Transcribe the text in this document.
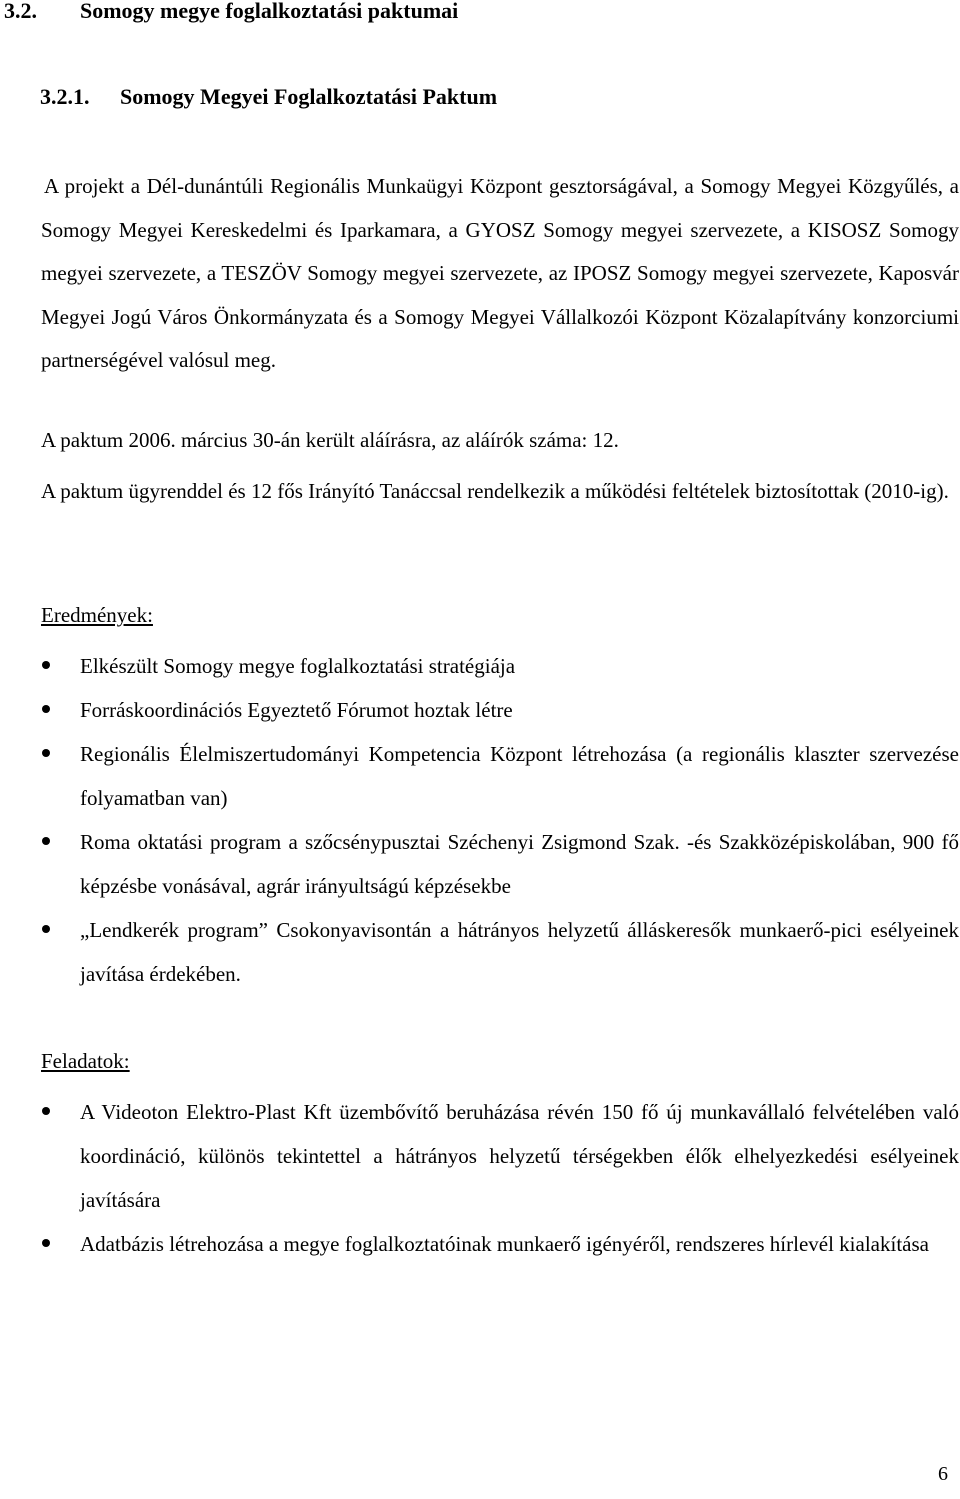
3.2. Somogy megye foglalkoztatási paktumai
3.2.1. Somogy Megyei Foglalkoztatási Paktum
A projekt a Dél-dunántúli Regionális Munkaügyi Központ gesztorságával, a Somogy Megyei Közgyűlés, a Somogy Megyei Kereskedelmi és Iparkamara, a GYOSZ Somogy megyei szervezete, a KISOSZ Somogy megyei szervezete, a TESZÖV Somogy megyei szervezete, az IPOSZ Somogy megyei szervezete, Kaposvár Megyei Jogú Város Önkormányzata és a Somogy Megyei Vállalkozói Központ Közalapítvány konzorciumi partnerségével valósul meg.
A paktum 2006. március 30-án került aláírásra, az aláírók száma: 12.
A paktum ügyrenddel és 12 fős Irányító Tanáccsal rendelkezik a működési feltételek biztosítottak (2010-ig).
Eredmények:
Elkészült Somogy megye foglalkoztatási stratégiája
Forráskoordinációs Egyeztető Fórumot hoztak létre
Regionális Élelmiszertudományi Kompetencia Központ létrehozása (a regionális klaszter szervezése folyamatban van)
Roma oktatási program a szőcsénypusztai Széchenyi Zsigmond Szak. -és Szakközépiskolában, 900 fő képzésbe vonásával, agrár irányultságú képzésekbe
„Lendkerék program” Csokonyavisontán a hátrányos helyzetű álláskeresők munkaerő-pici esélyeinek javítása érdekében.
Feladatok:
A Videoton Elektro-Plast Kft üzembővítő beruházása révén 150 fő új munkavállaló felvételében való koordináció, különös tekintettel a hátrányos helyzetű térségekben élők elhelyezkedési esélyeinek javítására
Adatbázis létrehozása a megye foglalkoztatóinak munkaerő igényéről, rendszeres hírlevél kialakítása
6
